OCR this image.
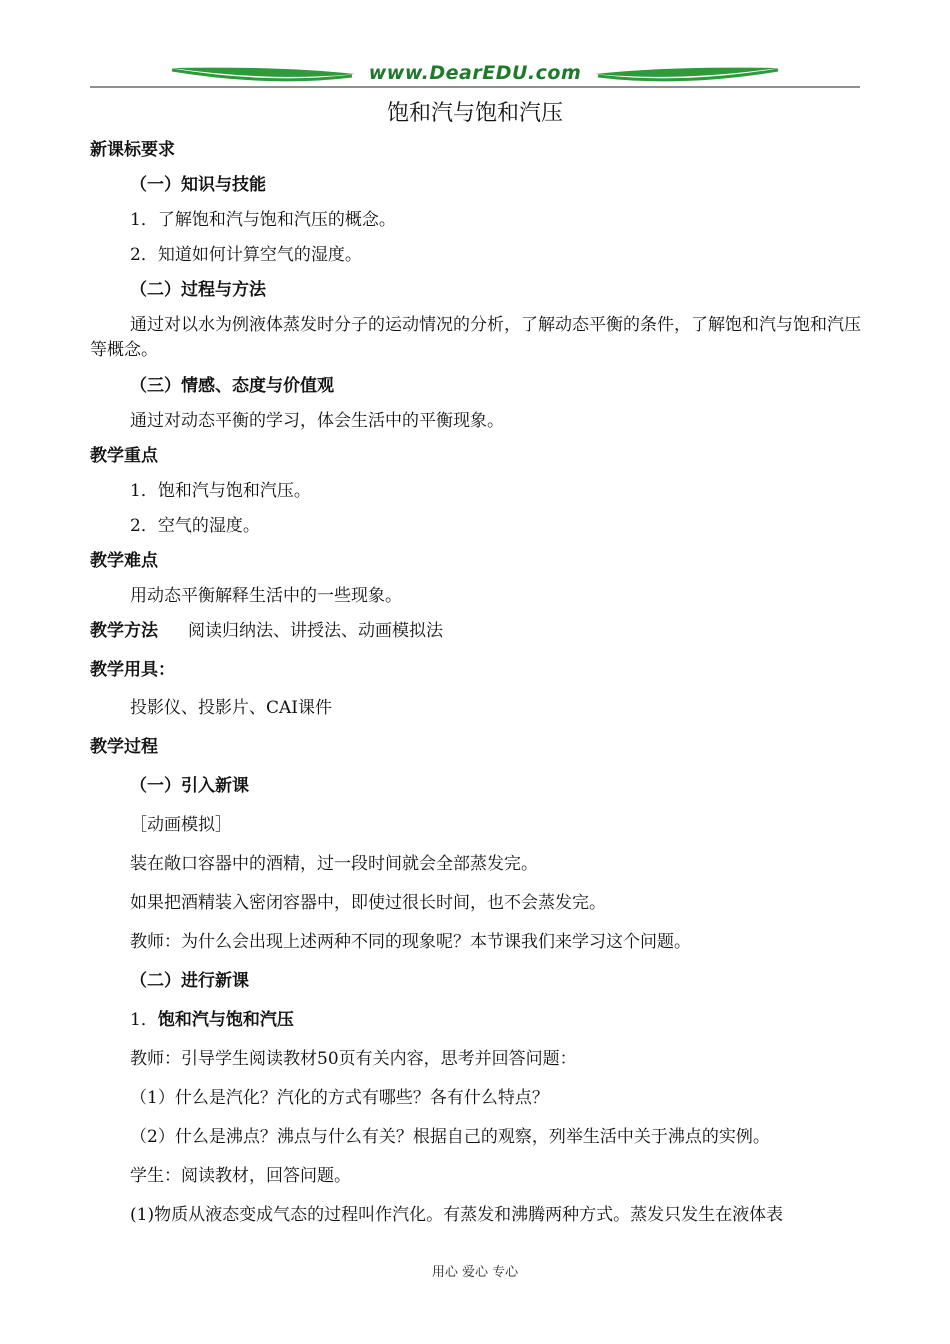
www.DearEDU.com
饱和汽与饱和汽压

新课标要求

（一）知识与技能

1．了解饱和汽与饱和汽压的概念。

2．知道如何计算空气的湿度。

（二）过程与方法

通过对以水为例液体蒸发时分子的运动情况的分析，了解动态平衡的条件，了解饱和汽与饱和汽压等概念。

（三）情感、态度与价值观

通过对动态平衡的学习，体会生活中的平衡现象。

教学重点

1．饱和汽与饱和汽压。

2．空气的湿度。

教学难点

用动态平衡解释生活中的一些现象。

教学方法 阅读归纳法、讲授法、动画模拟法

教学用具：

投影仪、投影片、CAI课件

教学过程

（一）引入新课

［动画模拟］

装在敞口容器中的酒精，过一段时间就会全部蒸发完。

如果把酒精装入密闭容器中，即使过很长时间，也不会蒸发完。

教师：为什么会出现上述两种不同的现象呢？本节课我们来学习这个问题。

（二）进行新课

1．饱和汽与饱和汽压

教师：引导学生阅读教材50页有关内容，思考并回答问题：

（1）什么是汽化？汽化的方式有哪些？各有什么特点？

（2）什么是沸点？沸点与什么有关？根据自己的观察，列举生活中关于沸点的实例。

学生：阅读教材，回答问题。

(1)物质从液态变成气态的过程叫作汽化。有蒸发和沸腾两种方式。蒸发只发生在液体表

用心 爱心 专心
